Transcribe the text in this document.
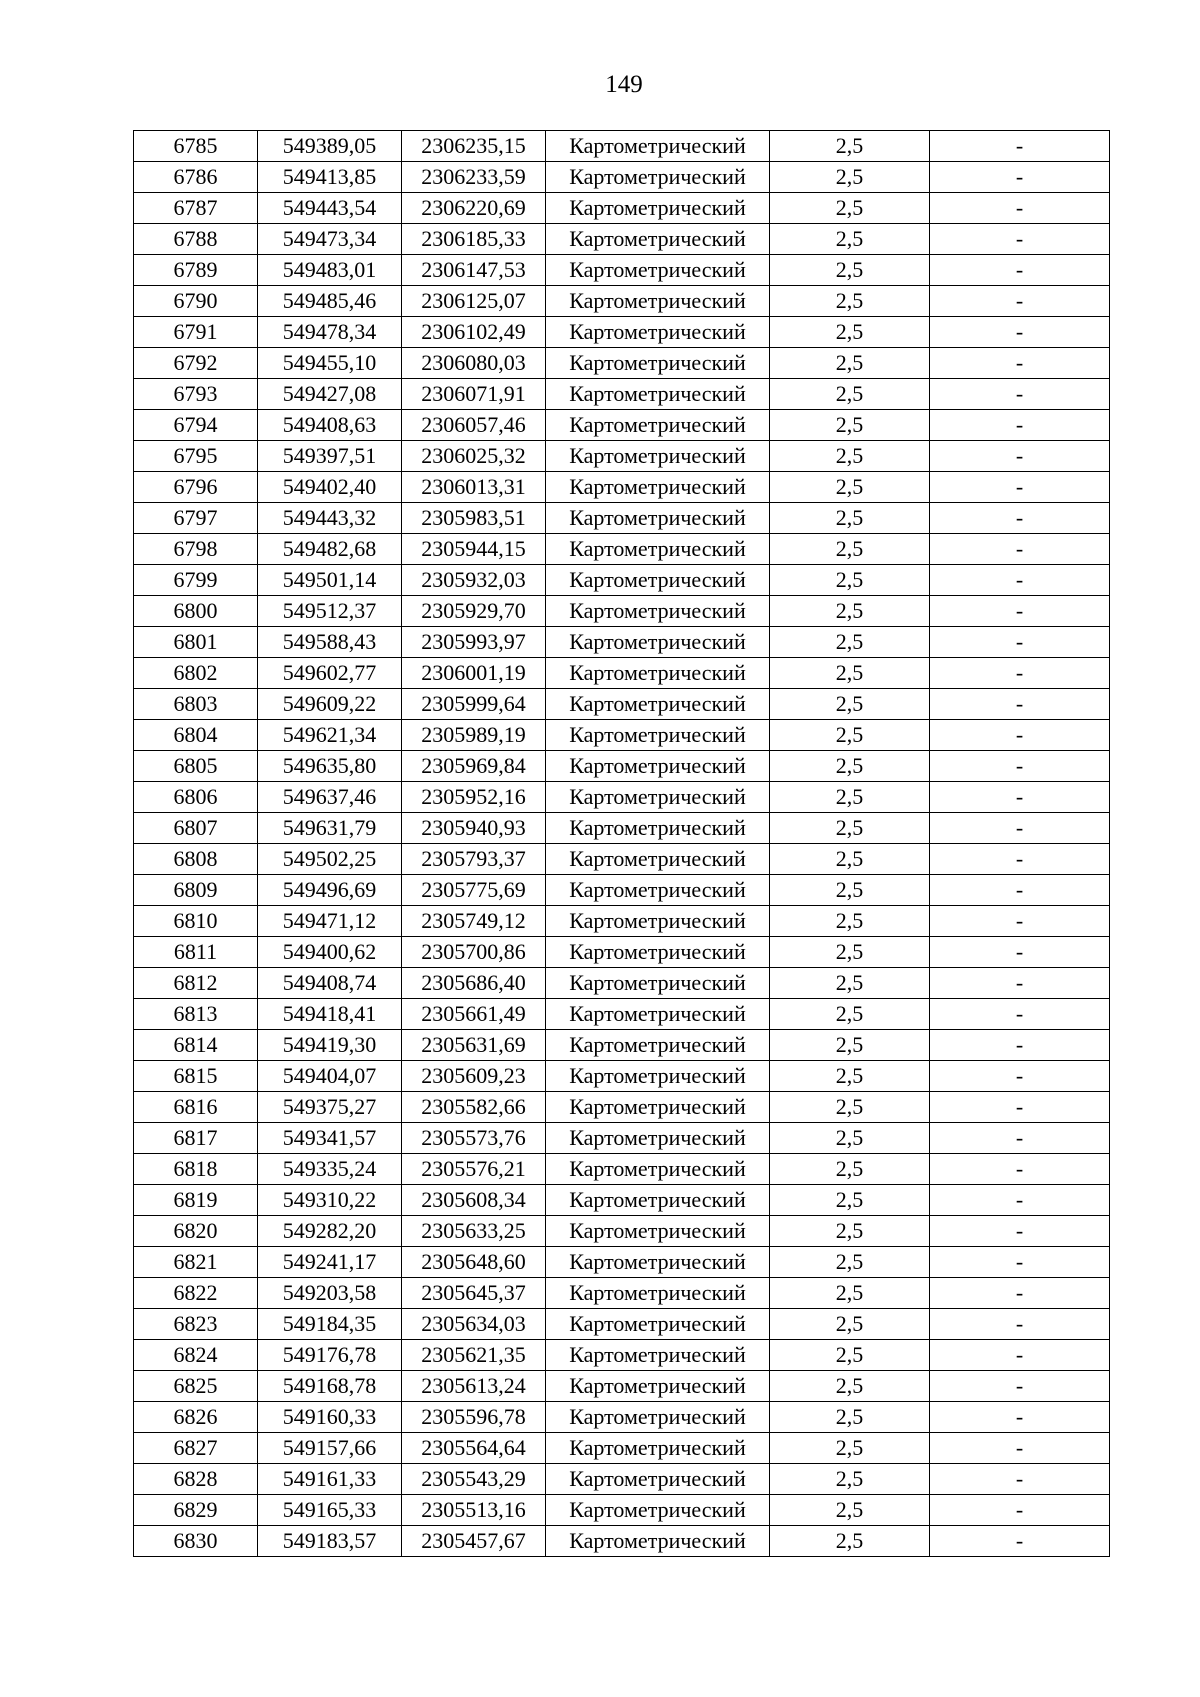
149
6785	549389,05	2306235,15	Картометрический	2,5	-
6786	549413,85	2306233,59	Картометрический	2,5	-
6787	549443,54	2306220,69	Картометрический	2,5	-
6788	549473,34	2306185,33	Картометрический	2,5	-
6789	549483,01	2306147,53	Картометрический	2,5	-
6790	549485,46	2306125,07	Картометрический	2,5	-
6791	549478,34	2306102,49	Картометрический	2,5	-
6792	549455,10	2306080,03	Картометрический	2,5	-
6793	549427,08	2306071,91	Картометрический	2,5	-
6794	549408,63	2306057,46	Картометрический	2,5	-
6795	549397,51	2306025,32	Картометрический	2,5	-
6796	549402,40	2306013,31	Картометрический	2,5	-
6797	549443,32	2305983,51	Картометрический	2,5	-
6798	549482,68	2305944,15	Картометрический	2,5	-
6799	549501,14	2305932,03	Картометрический	2,5	-
6800	549512,37	2305929,70	Картометрический	2,5	-
6801	549588,43	2305993,97	Картометрический	2,5	-
6802	549602,77	2306001,19	Картометрический	2,5	-
6803	549609,22	2305999,64	Картометрический	2,5	-
6804	549621,34	2305989,19	Картометрический	2,5	-
6805	549635,80	2305969,84	Картометрический	2,5	-
6806	549637,46	2305952,16	Картометрический	2,5	-
6807	549631,79	2305940,93	Картометрический	2,5	-
6808	549502,25	2305793,37	Картометрический	2,5	-
6809	549496,69	2305775,69	Картометрический	2,5	-
6810	549471,12	2305749,12	Картометрический	2,5	-
6811	549400,62	2305700,86	Картометрический	2,5	-
6812	549408,74	2305686,40	Картометрический	2,5	-
6813	549418,41	2305661,49	Картометрический	2,5	-
6814	549419,30	2305631,69	Картометрический	2,5	-
6815	549404,07	2305609,23	Картометрический	2,5	-
6816	549375,27	2305582,66	Картометрический	2,5	-
6817	549341,57	2305573,76	Картометрический	2,5	-
6818	549335,24	2305576,21	Картометрический	2,5	-
6819	549310,22	2305608,34	Картометрический	2,5	-
6820	549282,20	2305633,25	Картометрический	2,5	-
6821	549241,17	2305648,60	Картометрический	2,5	-
6822	549203,58	2305645,37	Картометрический	2,5	-
6823	549184,35	2305634,03	Картометрический	2,5	-
6824	549176,78	2305621,35	Картометрический	2,5	-
6825	549168,78	2305613,24	Картометрический	2,5	-
6826	549160,33	2305596,78	Картометрический	2,5	-
6827	549157,66	2305564,64	Картометрический	2,5	-
6828	549161,33	2305543,29	Картометрический	2,5	-
6829	549165,33	2305513,16	Картометрический	2,5	-
6830	549183,57	2305457,67	Картометрический	2,5	-
